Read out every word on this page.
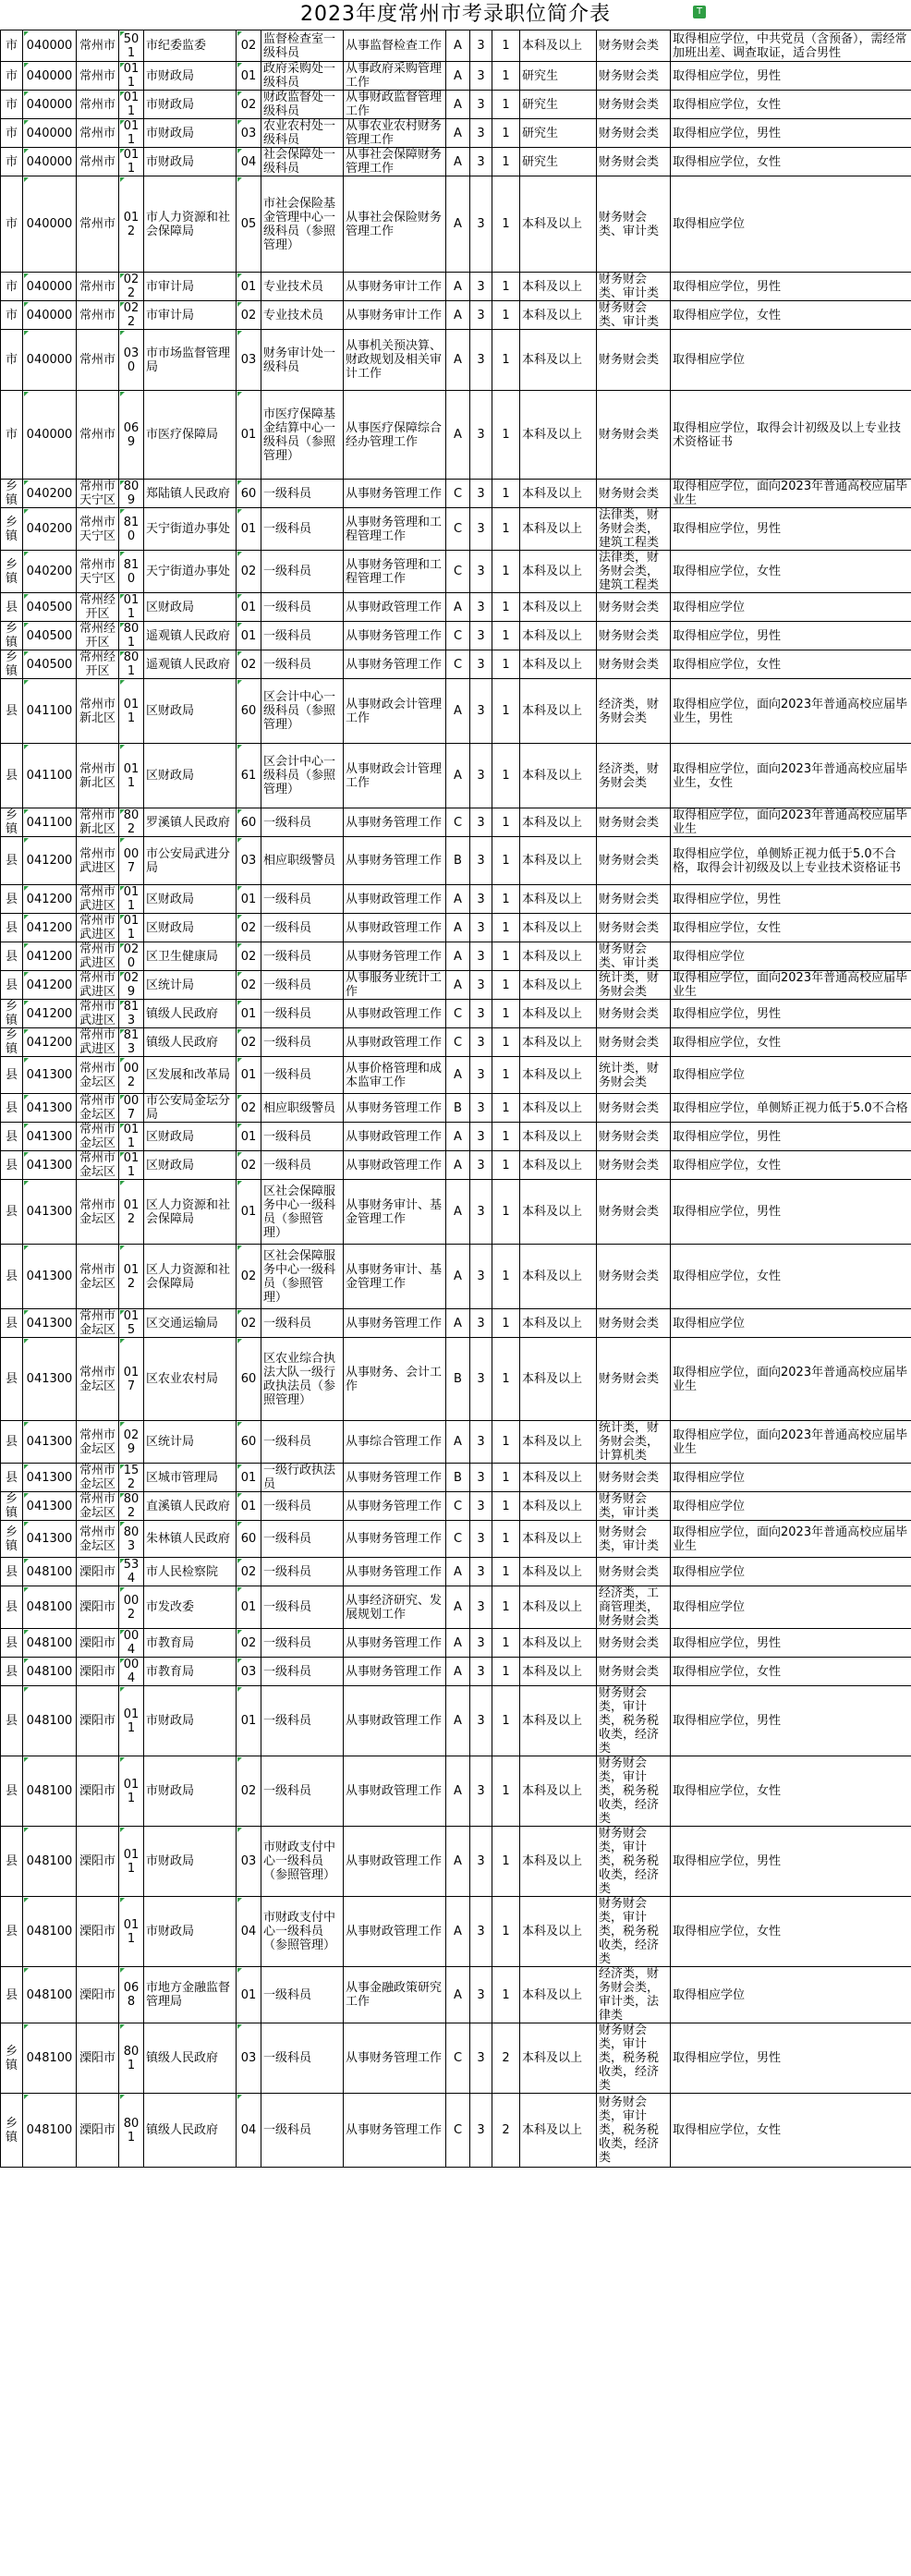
2023年度常州市考录职位简介表	T
市	040000	常州市	501	市纪委监委	02	监督检查室一级科员	从事监督检查工作	A	3	1	本科及以上	财务财会类	取得相应学位，中共党员（含预备），需经常加班出差、调查取证，适合男性
市	040000	常州市	011	市财政局	01	政府采购处一级科员	从事政府采购管理工作	A	3	1	研究生	财务财会类	取得相应学位，男性
市	040000	常州市	011	市财政局	02	财政监督处一级科员	从事财政监督管理工作	A	3	1	研究生	财务财会类	取得相应学位，女性
市	040000	常州市	011	市财政局	03	农业农村处一级科员	从事农业农村财务管理工作	A	3	1	研究生	财务财会类	取得相应学位，男性
市	040000	常州市	011	市财政局	04	社会保障处一级科员	从事社会保障财务管理工作	A	3	1	研究生	财务财会类	取得相应学位，女性
市	040000	常州市	012	市人力资源和社会保障局	05	市社会保险基金管理中心一级科员（参照管理）	从事社会保险财务管理工作	A	3	1	本科及以上	财务财会类、审计类	取得相应学位
市	040000	常州市	022	市审计局	01	专业技术员	从事财务审计工作	A	3	1	本科及以上	财务财会类、审计类	取得相应学位，男性
市	040000	常州市	022	市审计局	02	专业技术员	从事财务审计工作	A	3	1	本科及以上	财务财会类、审计类	取得相应学位，女性
市	040000	常州市	030	市市场监督管理局	03	财务审计处一级科员	从事机关预决算、财政规划及相关审计工作	A	3	1	本科及以上	财务财会类	取得相应学位
市	040000	常州市	069	市医疗保障局	01	市医疗保障基金结算中心一级科员（参照管理）	从事医疗保障综合经办管理工作	A	3	1	本科及以上	财务财会类	取得相应学位，取得会计初级及以上专业技术资格证书
乡镇	040200	常州市天宁区	809	郑陆镇人民政府	60	一级科员	从事财务管理工作	C	3	1	本科及以上	财务财会类	取得相应学位，面向2023年普通高校应届毕业生
乡镇	040200	常州市天宁区	810	天宁街道办事处	01	一级科员	从事财务管理和工程管理工作	C	3	1	本科及以上	法律类，财务财会类，建筑工程类	取得相应学位，男性
乡镇	040200	常州市天宁区	810	天宁街道办事处	02	一级科员	从事财务管理和工程管理工作	C	3	1	本科及以上	法律类，财务财会类，建筑工程类	取得相应学位，女性
县	040500	常州经开区	011	区财政局	01	一级科员	从事财政管理工作	A	3	1	本科及以上	财务财会类	取得相应学位
乡镇	040500	常州经开区	801	遥观镇人民政府	01	一级科员	从事财务管理工作	C	3	1	本科及以上	财务财会类	取得相应学位，男性
乡镇	040500	常州经开区	801	遥观镇人民政府	02	一级科员	从事财务管理工作	C	3	1	本科及以上	财务财会类	取得相应学位，女性
县	041100	常州市新北区	011	区财政局	60	区会计中心一级科员（参照管理）	从事财政会计管理工作	A	3	1	本科及以上	经济类，财务财会类	取得相应学位，面向2023年普通高校应届毕业生，男性
县	041100	常州市新北区	011	区财政局	61	区会计中心一级科员（参照管理）	从事财政会计管理工作	A	3	1	本科及以上	经济类，财务财会类	取得相应学位，面向2023年普通高校应届毕业生，女性
乡镇	041100	常州市新北区	802	罗溪镇人民政府	60	一级科员	从事财务管理工作	C	3	1	本科及以上	财务财会类	取得相应学位，面向2023年普通高校应届毕业生
县	041200	常州市武进区	007	市公安局武进分局	03	相应职级警员	从事财务管理工作	B	3	1	本科及以上	财务财会类	取得相应学位，单侧矫正视力低于5.0不合格，取得会计初级及以上专业技术资格证书
县	041200	常州市武进区	011	区财政局	01	一级科员	从事财政管理工作	A	3	1	本科及以上	财务财会类	取得相应学位，男性
县	041200	常州市武进区	011	区财政局	02	一级科员	从事财政管理工作	A	3	1	本科及以上	财务财会类	取得相应学位，女性
县	041200	常州市武进区	020	区卫生健康局	02	一级科员	从事财务管理工作	A	3	1	本科及以上	财务财会类、审计类	取得相应学位
县	041200	常州市武进区	029	区统计局	02	一级科员	从事服务业统计工作	A	3	1	本科及以上	统计类，财务财会类	取得相应学位，面向2023年普通高校应届毕业生
乡镇	041200	常州市武进区	813	镇级人民政府	01	一级科员	从事财政管理工作	C	3	1	本科及以上	财务财会类	取得相应学位，男性
乡镇	041200	常州市武进区	813	镇级人民政府	02	一级科员	从事财政管理工作	C	3	1	本科及以上	财务财会类	取得相应学位，女性
县	041300	常州市金坛区	002	区发展和改革局	01	一级科员	从事价格管理和成本监审工作	A	3	1	本科及以上	统计类，财务财会类	取得相应学位
县	041300	常州市金坛区	007	市公安局金坛分局	02	相应职级警员	从事财务管理工作	B	3	1	本科及以上	财务财会类	取得相应学位，单侧矫正视力低于5.0不合格
县	041300	常州市金坛区	011	区财政局	01	一级科员	从事财政管理工作	A	3	1	本科及以上	财务财会类	取得相应学位，男性
县	041300	常州市金坛区	011	区财政局	02	一级科员	从事财政管理工作	A	3	1	本科及以上	财务财会类	取得相应学位，女性
县	041300	常州市金坛区	012	区人力资源和社会保障局	01	区社会保障服务中心一级科员（参照管理）	从事财务审计、基金管理工作	A	3	1	本科及以上	财务财会类	取得相应学位，男性
县	041300	常州市金坛区	012	区人力资源和社会保障局	02	区社会保障服务中心一级科员（参照管理）	从事财务审计、基金管理工作	A	3	1	本科及以上	财务财会类	取得相应学位，女性
县	041300	常州市金坛区	015	区交通运输局	02	一级科员	从事财务管理工作	A	3	1	本科及以上	财务财会类	取得相应学位
县	041300	常州市金坛区	017	区农业农村局	60	区农业综合执法大队一级行政执法员（参照管理）	从事财务、会计工作	B	3	1	本科及以上	财务财会类	取得相应学位，面向2023年普通高校应届毕业生
县	041300	常州市金坛区	029	区统计局	60	一级科员	从事综合管理工作	A	3	1	本科及以上	统计类，财务财会类，计算机类	取得相应学位，面向2023年普通高校应届毕业生
县	041300	常州市金坛区	152	区城市管理局	01	一级行政执法员	从事财务管理工作	B	3	1	本科及以上	财务财会类	取得相应学位
乡镇	041300	常州市金坛区	802	直溪镇人民政府	01	一级科员	从事财务管理工作	C	3	1	本科及以上	财务财会类，审计类	取得相应学位
乡镇	041300	常州市金坛区	803	朱林镇人民政府	60	一级科员	从事财务管理工作	C	3	1	本科及以上	财务财会类，审计类	取得相应学位，面向2023年普通高校应届毕业生
县	048100	溧阳市	534	市人民检察院	02	一级科员	从事财务管理工作	A	3	1	本科及以上	财务财会类	取得相应学位
县	048100	溧阳市	002	市发改委	01	一级科员	从事经济研究、发展规划工作	A	3	1	本科及以上	经济类，工商管理类，财务财会类	取得相应学位
县	048100	溧阳市	004	市教育局	02	一级科员	从事财务管理工作	A	3	1	本科及以上	财务财会类	取得相应学位，男性
县	048100	溧阳市	004	市教育局	03	一级科员	从事财务管理工作	A	3	1	本科及以上	财务财会类	取得相应学位，女性
县	048100	溧阳市	011	市财政局	01	一级科员	从事财政管理工作	A	3	1	本科及以上	财务财会类，审计类，税务税收类，经济类	取得相应学位，男性
县	048100	溧阳市	011	市财政局	02	一级科员	从事财政管理工作	A	3	1	本科及以上	财务财会类，审计类，税务税收类，经济类	取得相应学位，女性
县	048100	溧阳市	011	市财政局	03	市财政支付中心一级科员（参照管理）	从事财政管理工作	A	3	1	本科及以上	财务财会类，审计类，税务税收类，经济类	取得相应学位，男性
县	048100	溧阳市	011	市财政局	04	市财政支付中心一级科员（参照管理）	从事财政管理工作	A	3	1	本科及以上	财务财会类，审计类，税务税收类，经济类	取得相应学位，女性
县	048100	溧阳市	068	市地方金融监督管理局	01	一级科员	从事金融政策研究工作	A	3	1	本科及以上	经济类，财务财会类，审计类，法律类	取得相应学位
乡镇	048100	溧阳市	801	镇级人民政府	03	一级科员	从事财务管理工作	C	3	2	本科及以上	财务财会类，审计类，税务税收类，经济类	取得相应学位，男性
乡镇	048100	溧阳市	801	镇级人民政府	04	一级科员	从事财务管理工作	C	3	2	本科及以上	财务财会类，审计类，税务税收类，经济类	取得相应学位，女性
